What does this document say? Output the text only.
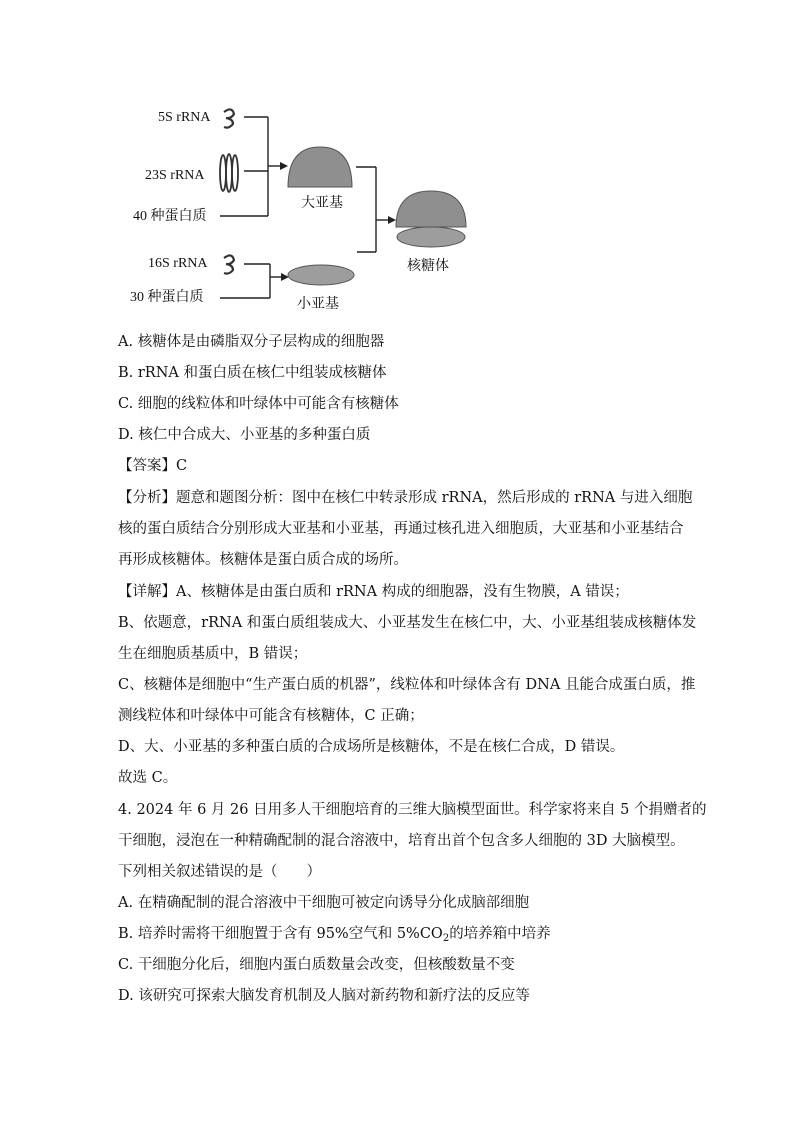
5S rRNA
23S rRNA
40 种蛋白质
16S rRNA
30 种蛋白质
大亚基
小亚基
核糖体
A. 核糖体是由磷脂双分子层构成的细胞器
B. rRNA 和蛋白质在核仁中组装成核糖体
C. 细胞的线粒体和叶绿体中可能含有核糖体
D. 核仁中合成大、小亚基的多种蛋白质
【答案】C
【分析】题意和题图分析：图中在核仁中转录形成 rRNA，然后形成的 rRNA 与进入细胞
核的蛋白质结合分别形成大亚基和小亚基，再通过核孔进入细胞质，大亚基和小亚基结合
再形成核糖体。核糖体是蛋白质合成的场所。
【详解】A、核糖体是由蛋白质和 rRNA 构成的细胞器，没有生物膜，A 错误；
B、依题意，rRNA 和蛋白质组装成大、小亚基发生在核仁中，大、小亚基组装成核糖体发
生在细胞质基质中，B 错误；
C、核糖体是细胞中“生产蛋白质的机器”，线粒体和叶绿体含有 DNA 且能合成蛋白质，推
测线粒体和叶绿体中可能含有核糖体，C 正确；
D、大、小亚基的多种蛋白质的合成场所是核糖体，不是在核仁合成，D 错误。
故选 C。
4. 2024 年 6 月 26 日用多人干细胞培育的三维大脑模型面世。科学家将来自 5 个捐赠者的
干细胞，浸泡在一种精确配制的混合溶液中，培育出首个包含多人细胞的 3D 大脑模型。
下列相关叙述错误的是（　　）
A. 在精确配制的混合溶液中干细胞可被定向诱导分化成脑部细胞
B. 培养时需将干细胞置于含有 95%空气和 $5\%CO_2$的培养箱中培养
C. 干细胞分化后，细胞内蛋白质数量会改变，但核酸数量不变
D. 该研究可探索大脑发育机制及人脑对新药物和新疗法的反应等
